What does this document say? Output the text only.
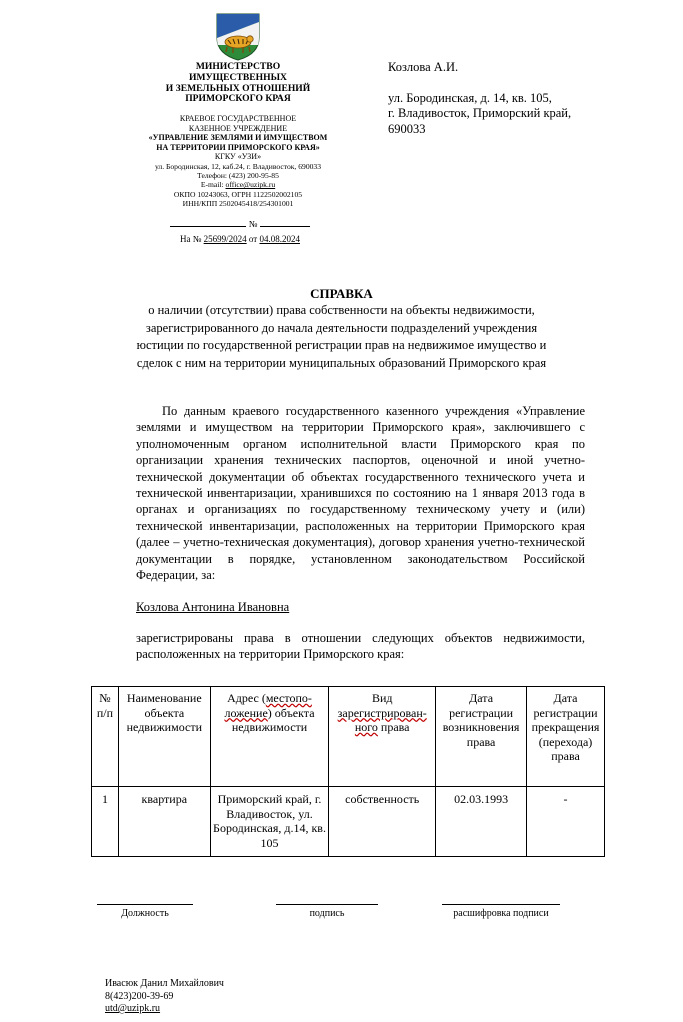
МИНИСТЕРСТВО
ИМУЩЕСТВЕННЫХ
И ЗЕМЕЛЬНЫХ ОТНОШЕНИЙ
ПРИМОРСКОГО КРАЯ
КРАЕВОЕ ГОСУДАРСТВЕННОЕ
КАЗЕННОЕ УЧРЕЖДЕНИЕ
«УПРАВЛЕНИЕ ЗЕМЛЯМИ И ИМУЩЕСТВОМ
НА ТЕРРИТОРИИ ПРИМОРСКОГО КРАЯ»
КГКУ «УЗИ»
ул. Бородинская, 12, каб.24, г. Владивосток, 690033
Телефон: (423) 200-95-85
E-mail: office@uzipk.ru
ОКПО 10243063, ОГРН 1122502002105
ИНН/КПП 2502045418/254301001
№
На № 25699/2024 от 04.08.2024
Козлова А.И.
ул. Бородинская, д. 14, кв. 105,
г. Владивосток, Приморский край,
690033
СПРАВКА
о наличии (отсутствии) права собственности на объекты недвижимости,
зарегистрированного до начала деятельности подразделений учреждения
юстиции по государственной регистрации прав на недвижимое имущество и
сделок с ним на территории муниципальных образований Приморского края
По данным краевого государственного казенного учреждения «Управление землями и имуществом на территории Приморского края», заключившего с уполномоченным органом исполнительной власти Приморского края по организации хранения технических паспортов, оценочной и иной учетно-технической документации об объектах государственного технического учета и технической инвентаризации, хранившихся по состоянию на 1 января 2013 года в органах и организациях по государственному техническому учету и (или) технической инвентаризации, расположенных на территории Приморского края (далее – учетно-техническая документация), договор хранения учетно-технической документации в порядке, установленном законодательством Российской Федерации, за:
Козлова Антонина Ивановна
зарегистрированы права в отношении следующих объектов недвижимости, расположенных на территории Приморского края:
№ п/п	Наименование объекта недвижимости	Адрес (местопо-ложение) объекта недвижимости	Вид зарегистрирован-ного права	Дата регистрации возникновения права	Дата регистрации прекращения (перехода) права
1	квартира	Приморский край, г. Владивосток, ул. Бородинская, д.14, кв. 105	собственность	02.03.1993	-
Должность	подпись	расшифровка подписи
Ивасюк Данил Михайлович
8(423)200-39-69
utd@uzipk.ru
